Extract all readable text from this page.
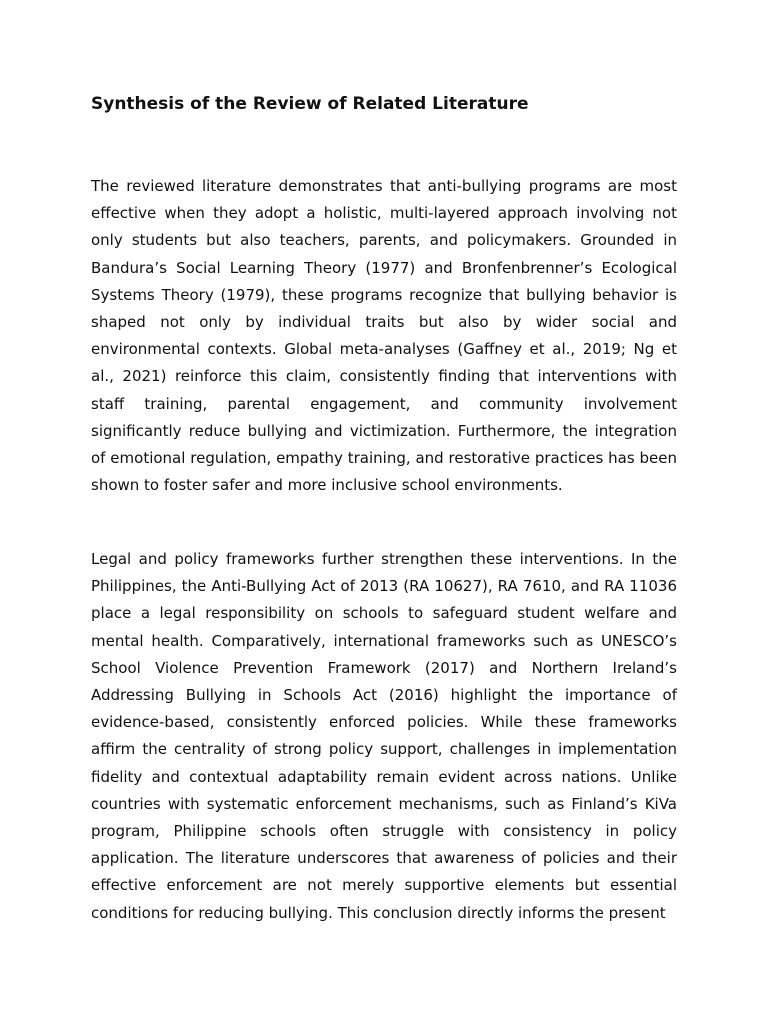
Synthesis of the Review of Related Literature

The reviewed literature demonstrates that anti-bullying programs are most effective when they adopt a holistic, multi-layered approach involving not only students but also teachers, parents, and policymakers. Grounded in Bandura’s Social Learning Theory (1977) and Bronfenbrenner’s Ecological Systems Theory (1979), these programs recognize that bullying behavior is shaped not only by individual traits but also by wider social and environmental contexts. Global meta-analyses (Gaffney et al., 2019; Ng et al., 2021) reinforce this claim, consistently finding that interventions with staff training, parental engagement, and community involvement significantly reduce bullying and victimization. Furthermore, the integration of emotional regulation, empathy training, and restorative practices has been shown to foster safer and more inclusive school environments.

Legal and policy frameworks further strengthen these interventions. In the Philippines, the Anti-Bullying Act of 2013 (RA 10627), RA 7610, and RA 11036 place a legal responsibility on schools to safeguard student welfare and mental health. Comparatively, international frameworks such as UNESCO’s School Violence Prevention Framework (2017) and Northern Ireland’s Addressing Bullying in Schools Act (2016) highlight the importance of evidence-based, consistently enforced policies. While these frameworks affirm the centrality of strong policy support, challenges in implementation fidelity and contextual adaptability remain evident across nations. Unlike countries with systematic enforcement mechanisms, such as Finland’s KiVa program, Philippine schools often struggle with consistency in policy application. The literature underscores that awareness of policies and their effective enforcement are not merely supportive elements but essential conditions for reducing bullying. This conclusion directly informs the present
